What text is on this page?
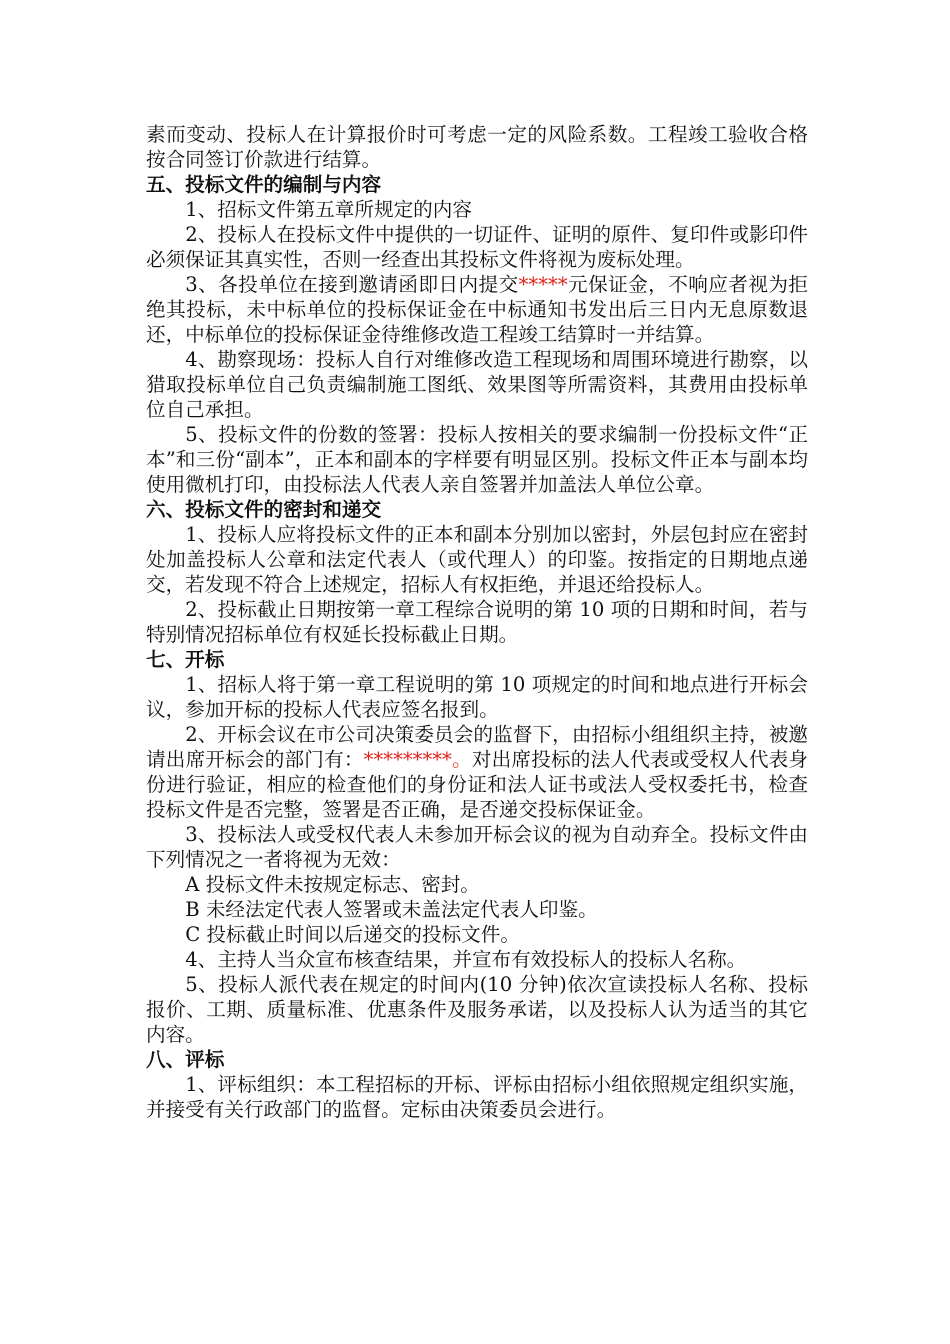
素而变动、投标人在计算报价时可考虑一定的风险系数。工程竣工验收合格按合同签订价款进行结算。

五、投标文件的编制与内容

1、招标文件第五章所规定的内容

2、投标人在投标文件中提供的一切证件、证明的原件、复印件或影印件必须保证其真实性，否则一经查出其投标文件将视为废标处理。

3、各投单位在接到邀请函即日内提交*****元保证金，不响应者视为拒绝其投标，未中标单位的投标保证金在中标通知书发出后三日内无息原数退还，中标单位的投标保证金待维修改造工程竣工结算时一并结算。

4、勘察现场：投标人自行对维修改造工程现场和周围环境进行勘察，以猎取投标单位自己负责编制施工图纸、效果图等所需资料，其费用由投标单位自己承担。

5、投标文件的份数的签署：投标人按相关的要求编制一份投标文件“正本”和三份“副本”，正本和副本的字样要有明显区别。投标文件正本与副本均使用微机打印，由投标法人代表人亲自签署并加盖法人单位公章。

六、投标文件的密封和递交

1、投标人应将投标文件的正本和副本分别加以密封，外层包封应在密封处加盖投标人公章和法定代表人（或代理人）的印鉴。按指定的日期地点递交，若发现不符合上述规定，招标人有权拒绝，并退还给投标人。

2、投标截止日期按第一章工程综合说明的第 10 项的日期和时间，若与特别情况招标单位有权延长投标截止日期。

七、开标

1、招标人将于第一章工程说明的第 10 项规定的时间和地点进行开标会议，参加开标的投标人代表应签名报到。

2、开标会议在市公司决策委员会的监督下，由招标小组组织主持，被邀请出席开标会的部门有：*********。对出席投标的法人代表或受权人代表身份进行验证，相应的检查他们的身份证和法人证书或法人受权委托书，检查投标文件是否完整，签署是否正确，是否递交投标保证金。

3、投标法人或受权代表人未参加开标会议的视为自动弃全。投标文件由下列情况之一者将视为无效：

A 投标文件未按规定标志、密封。

B 未经法定代表人签署或未盖法定代表人印鉴。

C 投标截止时间以后递交的投标文件。

4、主持人当众宣布核查结果，并宣布有效投标人的投标人名称。

5、投标人派代表在规定的时间内(10 分钟)依次宣读投标人名称、投标报价、工期、质量标准、优惠条件及服务承诺，以及投标人认为适当的其它内容。

八、评标

1、评标组织：本工程招标的开标、评标由招标小组依照规定组织实施，并接受有关行政部门的监督。定标由决策委员会进行。
